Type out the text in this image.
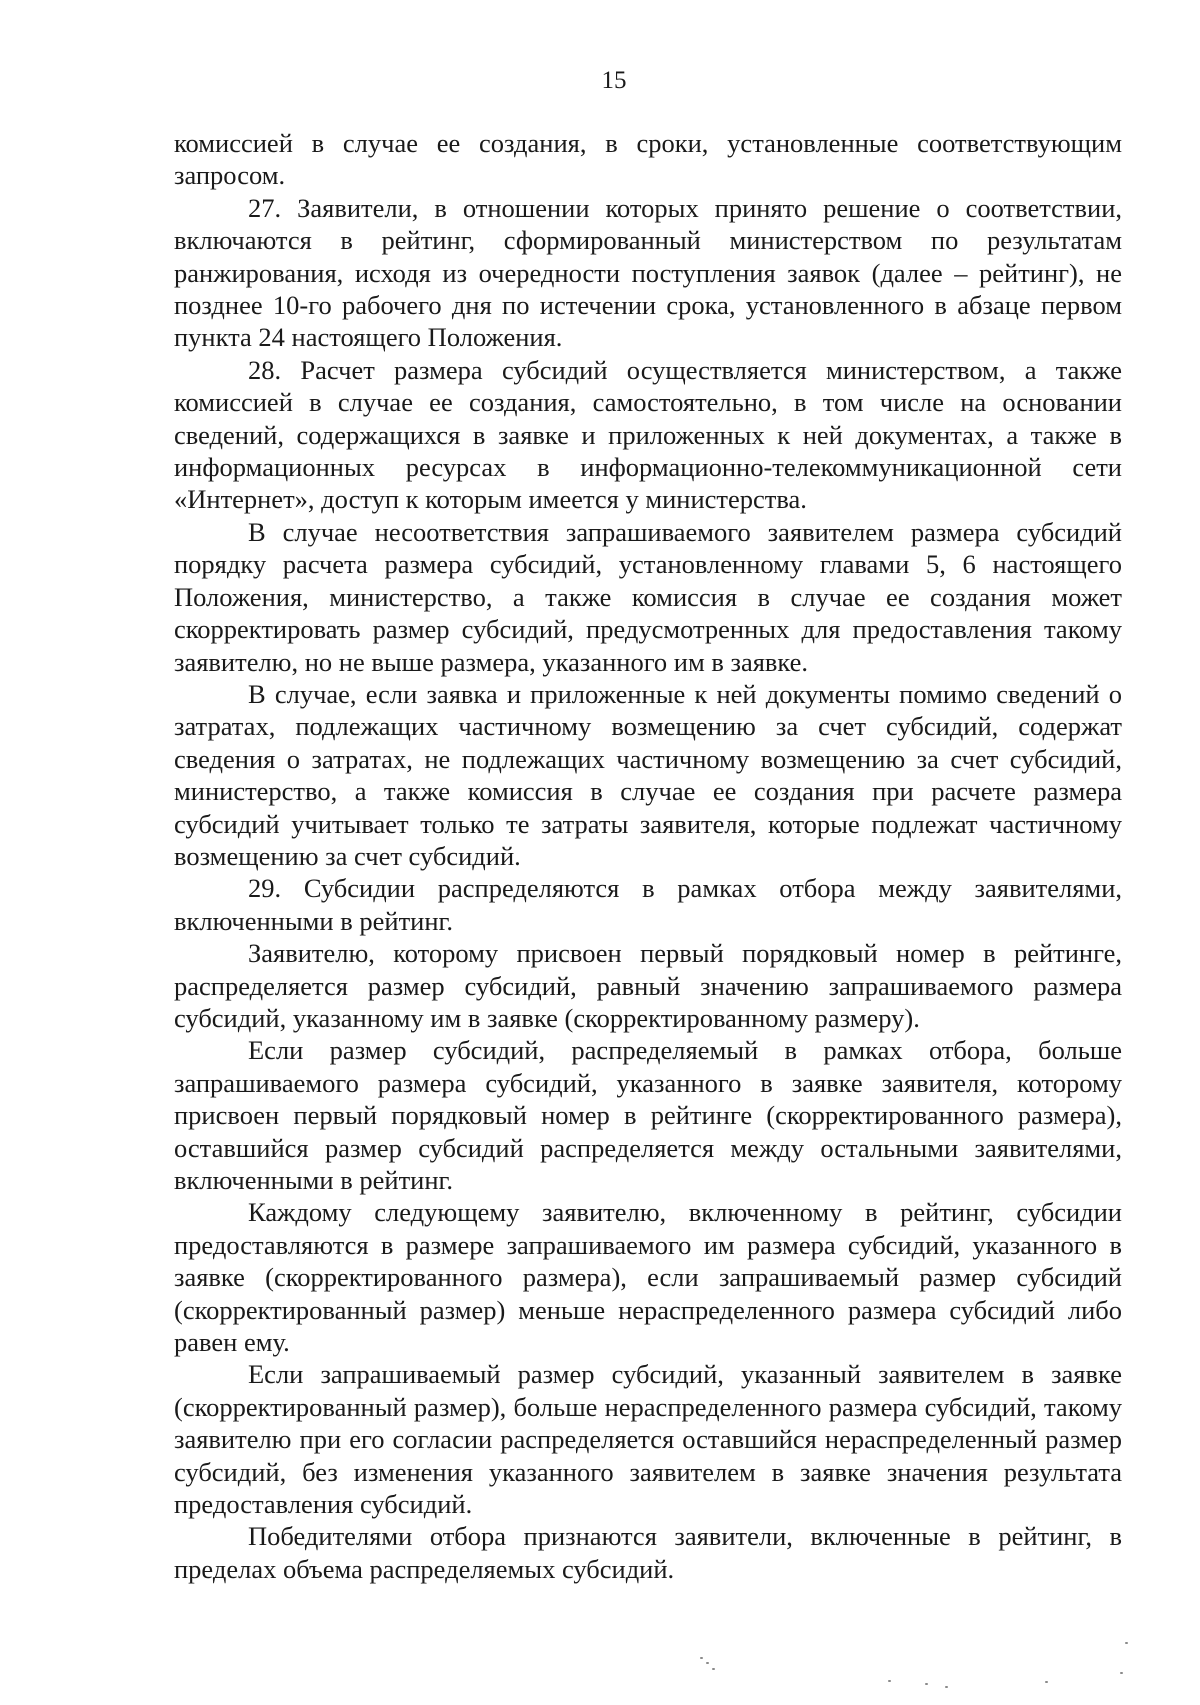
15

комиссией в случае ее создания, в сроки, установленные соответствующим запросом.

27. Заявители, в отношении которых принято решение о соответствии, включаются в рейтинг, сформированный министерством по результатам ранжирования, исходя из очередности поступления заявок (далее – рейтинг), не позднее 10-го рабочего дня по истечении срока, установленного в абзаце первом пункта 24 настоящего Положения.

28. Расчет размера субсидий осуществляется министерством, а также комиссией в случае ее создания, самостоятельно, в том числе на основании сведений, содержащихся в заявке и приложенных к ней документах, а также в информационных ресурсах в информационно-телекоммуникационной сети «Интернет», доступ к которым имеется у министерства.

В случае несоответствия запрашиваемого заявителем размера субсидий порядку расчета размера субсидий, установленному главами 5, 6 настоящего Положения, министерство, а также комиссия в случае ее создания может скорректировать размер субсидий, предусмотренных для предоставления такому заявителю, но не выше размера, указанного им в заявке.

В случае, если заявка и приложенные к ней документы помимо сведений о затратах, подлежащих частичному возмещению за счет субсидий, содержат сведения о затратах, не подлежащих частичному возмещению за счет субсидий, министерство, а также комиссия в случае ее создания при расчете размера субсидий учитывает только те затраты заявителя, которые подлежат частичному возмещению за счет субсидий.

29. Субсидии распределяются в рамках отбора между заявителями, включенными в рейтинг.

Заявителю, которому присвоен первый порядковый номер в рейтинге, распределяется размер субсидий, равный значению запрашиваемого размера субсидий, указанному им в заявке (скорректированному размеру).

Если размер субсидий, распределяемый в рамках отбора, больше запрашиваемого размера субсидий, указанного в заявке заявителя, которому присвоен первый порядковый номер в рейтинге (скорректированного размера), оставшийся размер субсидий распределяется между остальными заявителями, включенными в рейтинг.

Каждому следующему заявителю, включенному в рейтинг, субсидии предоставляются в размере запрашиваемого им размера субсидий, указанного в заявке (скорректированного размера), если запрашиваемый размер субсидий (скорректированный размер) меньше нераспределенного размера субсидий либо равен ему.

Если запрашиваемый размер субсидий, указанный заявителем в заявке (скорректированный размер), больше нераспределенного размера субсидий, такому заявителю при его согласии распределяется оставшийся нераспределенный размер субсидий, без изменения указанного заявителем в заявке значения результата предоставления субсидий.

Победителями отбора признаются заявители, включенные в рейтинг, в пределах объема распределяемых субсидий.
